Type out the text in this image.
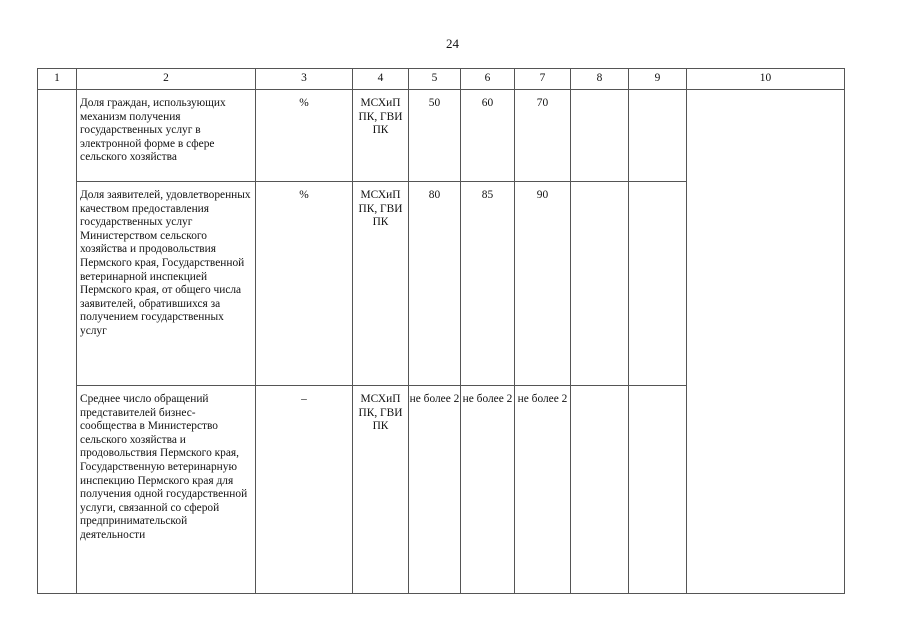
24
1	2	3	4	5	6	7	8	9	10
	Доля граждан, использующих механизм получения государственных услуг в электронной форме в сфере сельского хозяйства	%	МСХиП ПК, ГВИ ПК	50	60	70			
	Доля заявителей, удовлетворенных качеством предоставления государственных услуг Министерством сельского хозяйства и продовольствия Пермского края, Государственной ветеринарной инспекцией Пермского края, от общего числа заявителей, обратившихся за получением государственных услуг	%	МСХиП ПК, ГВИ ПК	80	85	90			
	Среднее число обращений представителей бизнес-сообщества в Министерство сельского хозяйства и продовольствия Пермского края, Государственную ветеринарную инспекцию Пермского края для получения одной государственной услуги, связанной со сферой предпринимательской деятельности	–	МСХиП ПК, ГВИ ПК	не более 2	не более 2	не более 2			
